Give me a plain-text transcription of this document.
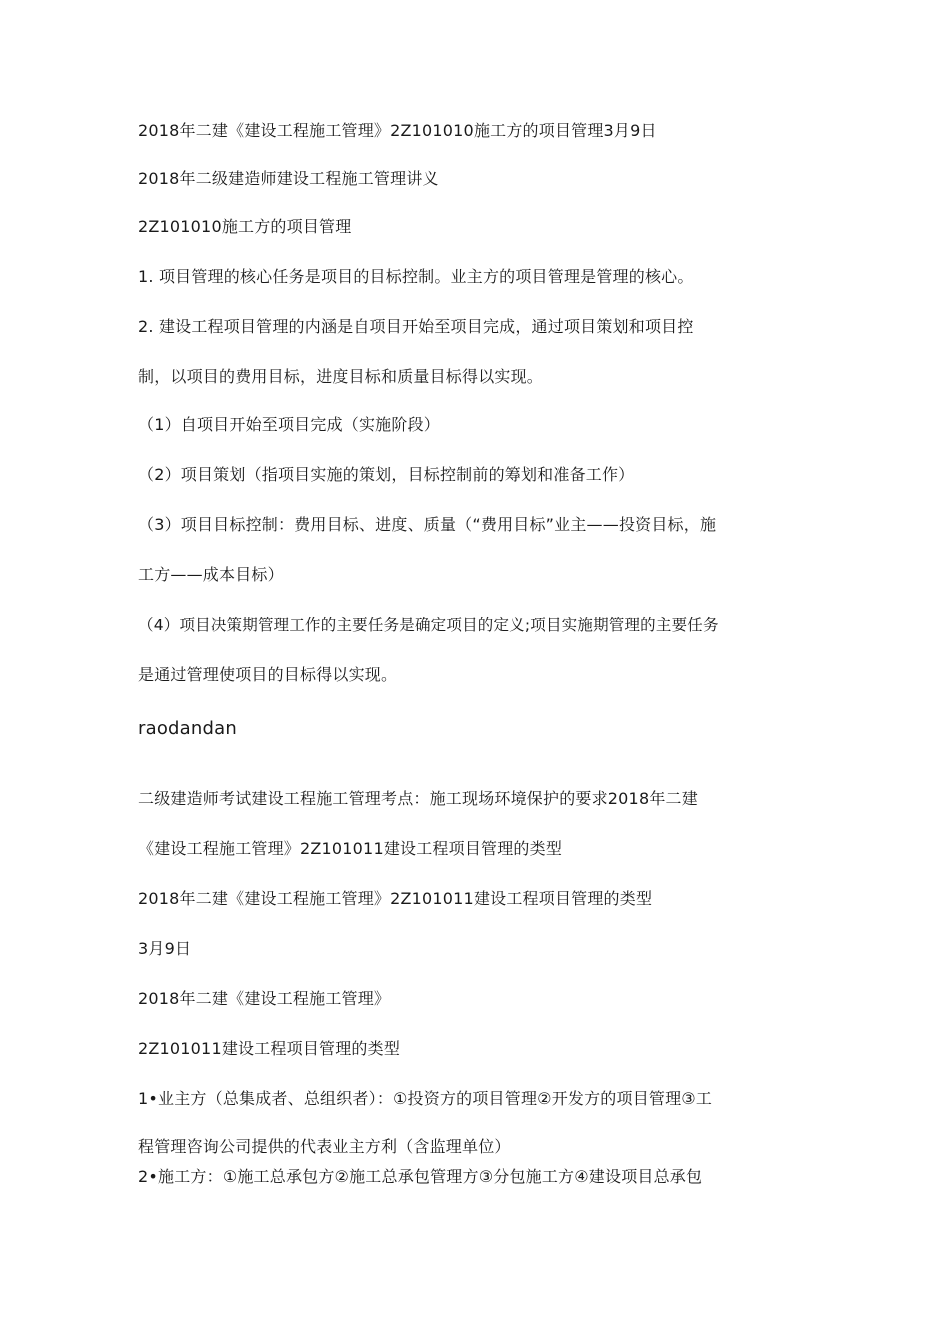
2018年二建《建设工程施工管理》2Z101010施工方的项目管理3月9日
2018年二级建造师建设工程施工管理讲义
2Z101010施工方的项目管理
1. 项目管理的核心任务是项目的目标控制。业主方的项目管理是管理的核心。
2. 建设工程项目管理的内涵是自项目开始至项目完成，通过项目策划和项目控
制，以项目的费用目标，进度目标和质量目标得以实现。
（1）自项目开始至项目完成（实施阶段）
（2）项目策划（指项目实施的策划，目标控制前的筹划和准备工作）
（3）项目目标控制：费用目标、进度、质量（“费用目标”业主——投资目标，施
工方——成本目标）
（4）项目决策期管理工作的主要任务是确定项目的定义;项目实施期管理的主要任务
是通过管理使项目的目标得以实现。
raodandan
二级建造师考试建设工程施工管理考点：施工现场环境保护的要求2018年二建
《建设工程施工管理》2Z101011建设工程项目管理的类型
2018年二建《建设工程施工管理》2Z101011建设工程项目管理的类型
3月9日
2018年二建《建设工程施工管理》
2Z101011建设工程项目管理的类型
1•业主方（总集成者、总组织者）：①投资方的项目管理②开发方的项目管理③工
程管理咨询公司提供的代表业主方利（含监理单位）
2•施工方：①施工总承包方②施工总承包管理方③分包施工方④建设项目总承包
